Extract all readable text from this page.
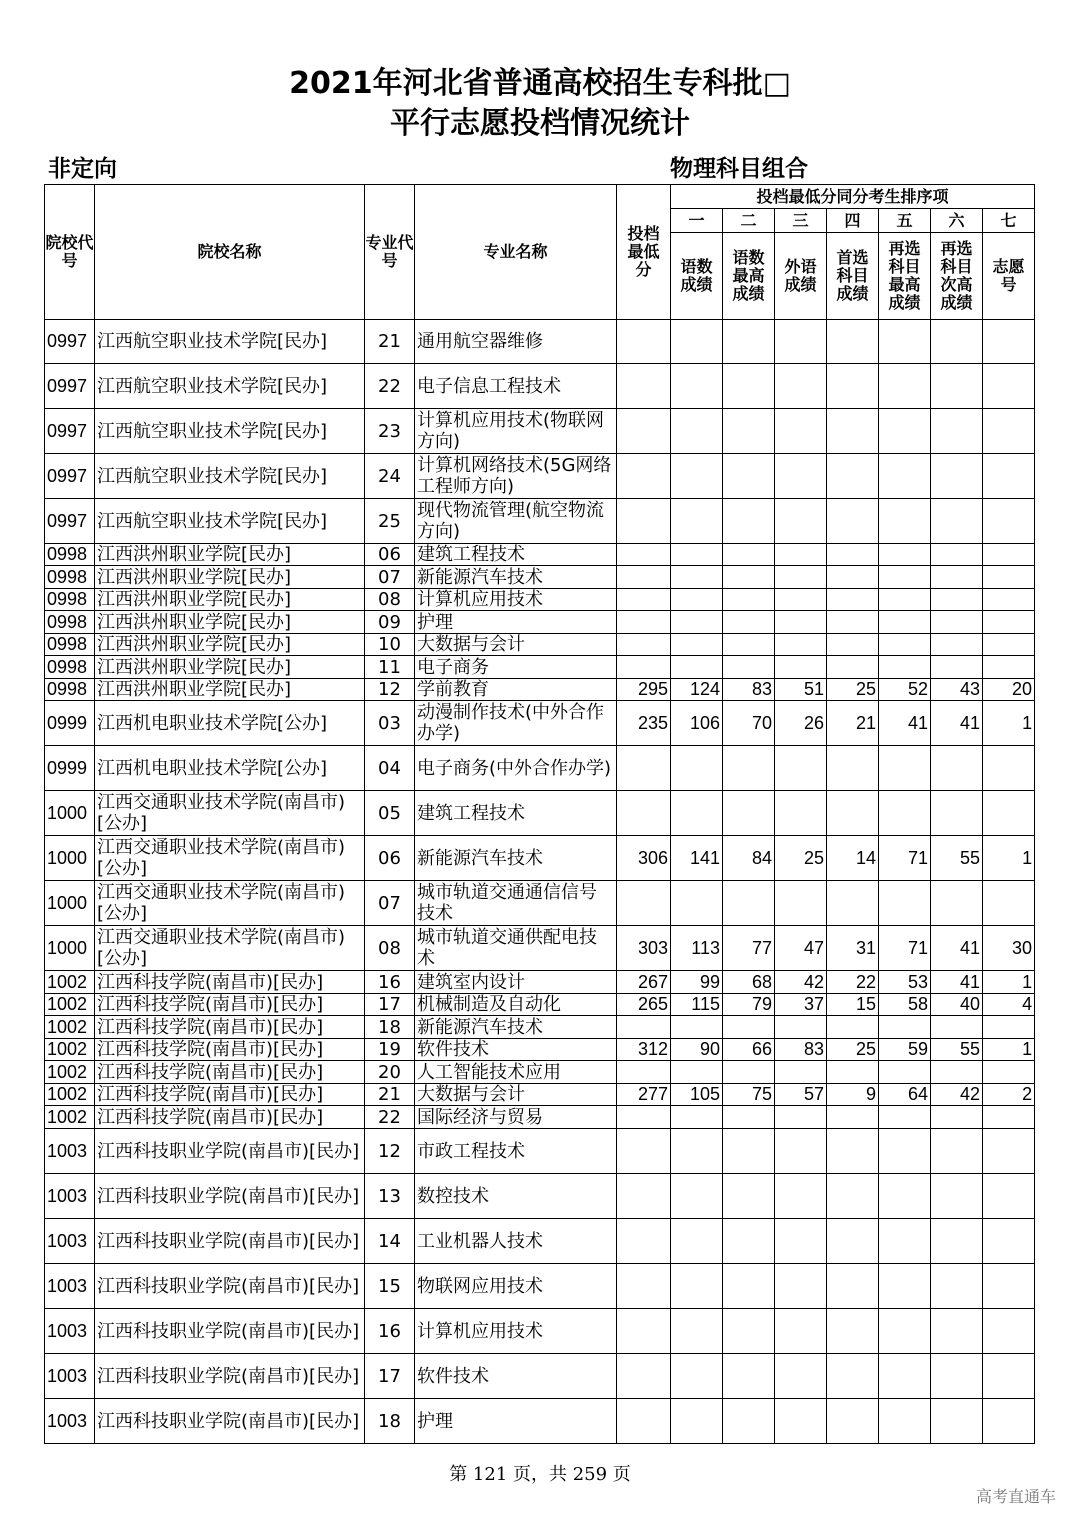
2021年河北省普通高校招生专科批□
平行志愿投档情况统计
非定向	物理科目组合
院校代号	院校名称	专业代号	专业名称	投档最低分	投档最低分同分考生排序项						
					一	二	三	四	五	六	七
					语数成绩	语数最高成绩	外语成绩	首选科目成绩	再选科目最高成绩	再选科目次高成绩	志愿号
0997	江西航空职业技术学院[民办]	21	通用航空器维修								
0997	江西航空职业技术学院[民办]	22	电子信息工程技术								
0997	江西航空职业技术学院[民办]	23	计算机应用技术(物联网方向)								
0997	江西航空职业技术学院[民办]	24	计算机网络技术(5G网络工程师方向)								
0997	江西航空职业技术学院[民办]	25	现代物流管理(航空物流方向)								
0998	江西洪州职业学院[民办]	06	建筑工程技术								
0998	江西洪州职业学院[民办]	07	新能源汽车技术								
0998	江西洪州职业学院[民办]	08	计算机应用技术								
0998	江西洪州职业学院[民办]	09	护理								
0998	江西洪州职业学院[民办]	10	大数据与会计								
0998	江西洪州职业学院[民办]	11	电子商务								
0998	江西洪州职业学院[民办]	12	学前教育	295	124	83	51	25	52	43	20
0999	江西机电职业技术学院[公办]	03	动漫制作技术(中外合作办学)	235	106	70	26	21	41	41	1
0999	江西机电职业技术学院[公办]	04	电子商务(中外合作办学)								
1000	江西交通职业技术学院(南昌市)[公办]	05	建筑工程技术								
1000	江西交通职业技术学院(南昌市)[公办]	06	新能源汽车技术	306	141	84	25	14	71	55	1
1000	江西交通职业技术学院(南昌市)[公办]	07	城市轨道交通通信信号技术								
1000	江西交通职业技术学院(南昌市)[公办]	08	城市轨道交通供配电技术	303	113	77	47	31	71	41	30
1002	江西科技学院(南昌市)[民办]	16	建筑室内设计	267	99	68	42	22	53	41	1
1002	江西科技学院(南昌市)[民办]	17	机械制造及自动化	265	115	79	37	15	58	40	4
1002	江西科技学院(南昌市)[民办]	18	新能源汽车技术								
1002	江西科技学院(南昌市)[民办]	19	软件技术	312	90	66	83	25	59	55	1
1002	江西科技学院(南昌市)[民办]	20	人工智能技术应用								
1002	江西科技学院(南昌市)[民办]	21	大数据与会计	277	105	75	57	9	64	42	2
1002	江西科技学院(南昌市)[民办]	22	国际经济与贸易								
1003	江西科技职业学院(南昌市)[民办]	12	市政工程技术								
1003	江西科技职业学院(南昌市)[民办]	13	数控技术								
1003	江西科技职业学院(南昌市)[民办]	14	工业机器人技术								
1003	江西科技职业学院(南昌市)[民办]	15	物联网应用技术								
1003	江西科技职业学院(南昌市)[民办]	16	计算机应用技术								
1003	江西科技职业学院(南昌市)[民办]	17	软件技术								
1003	江西科技职业学院(南昌市)[民办]	18	护理								
第 121 页，共 259 页
高考直通车
